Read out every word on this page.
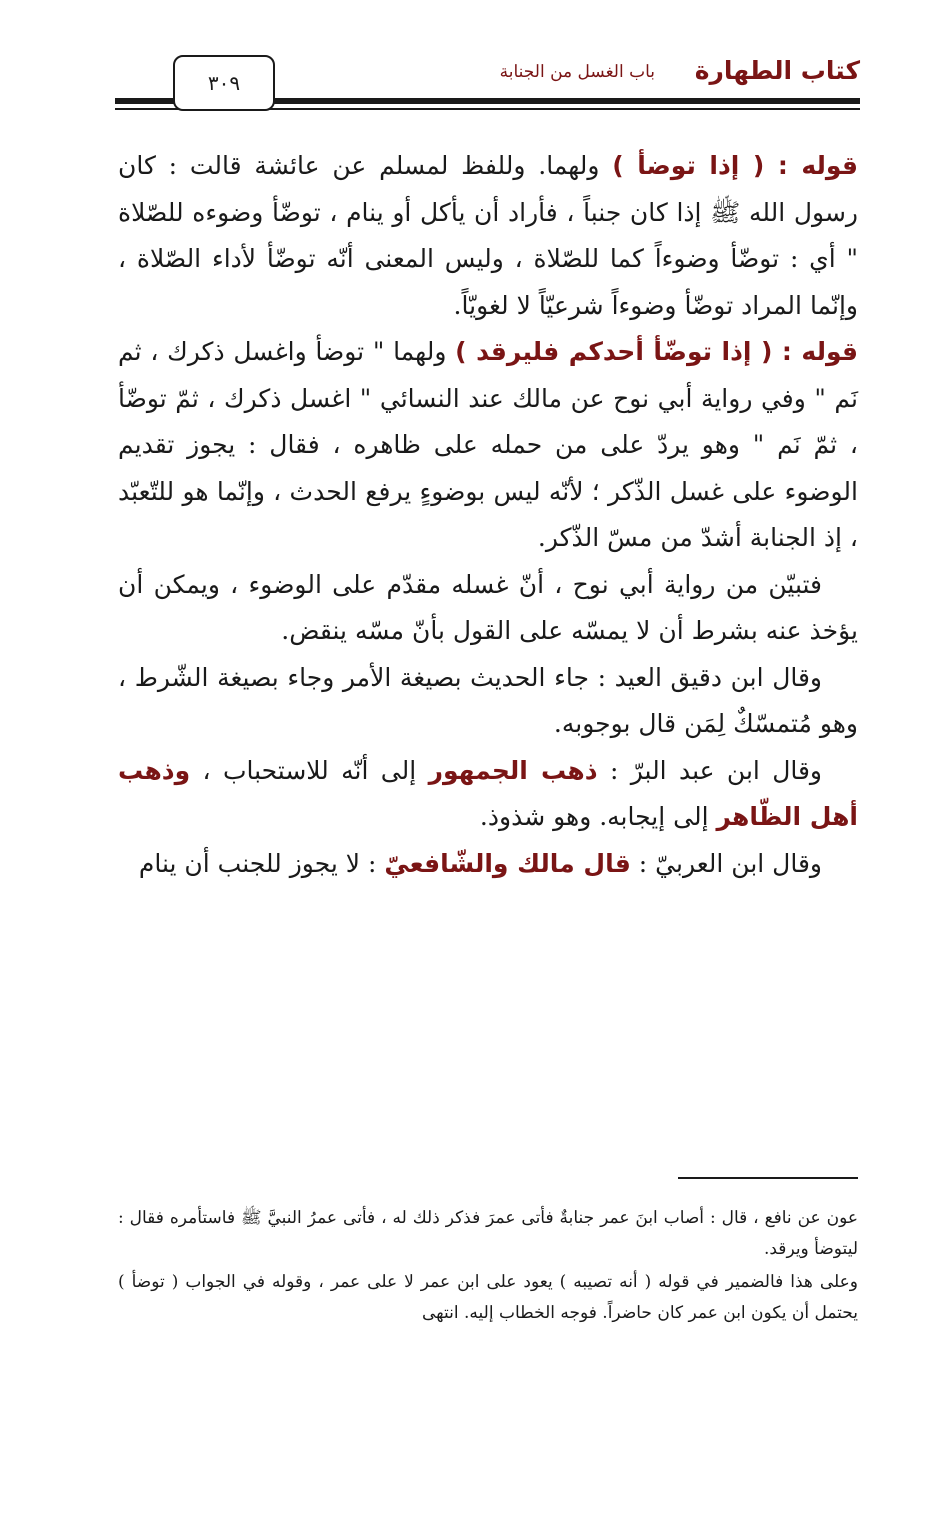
كتاب الطهارة
باب الغسل من الجنابة
٣٠٩

قوله : ( إذا توضأ ) ولهما. وللفظ لمسلم عن عائشة قالت : كان رسول الله ﷺ إذا كان جنباً ، فأراد أن يأكل أو ينام ، توضّأ وضوءه للصّلاة " أي : توضّأ وضوءاً كما للصّلاة ، وليس المعنى أنّه توضّأ لأداء الصّلاة ، وإنّما المراد توضّأ وضوءاً شرعيّاً لا لغويّاً.

قوله : ( إذا توضّأ أحدكم فليرقد ) ولهما " توضأ واغسل ذكرك ، ثم نَم " وفي رواية أبي نوح عن مالك عند النسائي " اغسل ذكرك ، ثمّ توضّأ ، ثمّ نَم " وهو يردّ على من حمله على ظاهره ، فقال : يجوز تقديم الوضوء على غسل الذّكر ؛ لأنّه ليس بوضوءٍ يرفع الحدث ، وإنّما هو للتّعبّد ، إذ الجنابة أشدّ من مسّ الذّكر.

فتبيّن من رواية أبي نوح ، أنّ غسله مقدّم على الوضوء ، ويمكن أن يؤخذ عنه بشرط أن لا يمسّه على القول بأنّ مسّه ينقض.

وقال ابن دقيق العيد : جاء الحديث بصيغة الأمر وجاء بصيغة الشّرط ، وهو مُتمسّكٌ لِمَن قال بوجوبه.

وقال ابن عبد البرّ : ذهب الجمهور إلى أنّه للاستحباب ، وذهب أهل الظّاهر إلى إيجابه. وهو شذوذ.

وقال ابن العربيّ : قال مالك والشّافعيّ : لا يجوز للجنب أن ينام

عون عن نافع ، قال : أصاب ابنَ عمر جنابةٌ فأتى عمرَ فذكر ذلك له ، فأتى عمرُ النبيَّ ﷺ فاستأمره فقال : ليتوضأ ويرقد.

وعلى هذا فالضمير في قوله ( أنه تصيبه ) يعود على ابن عمر لا على عمر ، وقوله في الجواب ( توضأ ) يحتمل أن يكون ابن عمر كان حاضراً. فوجه الخطاب إليه. انتهى
